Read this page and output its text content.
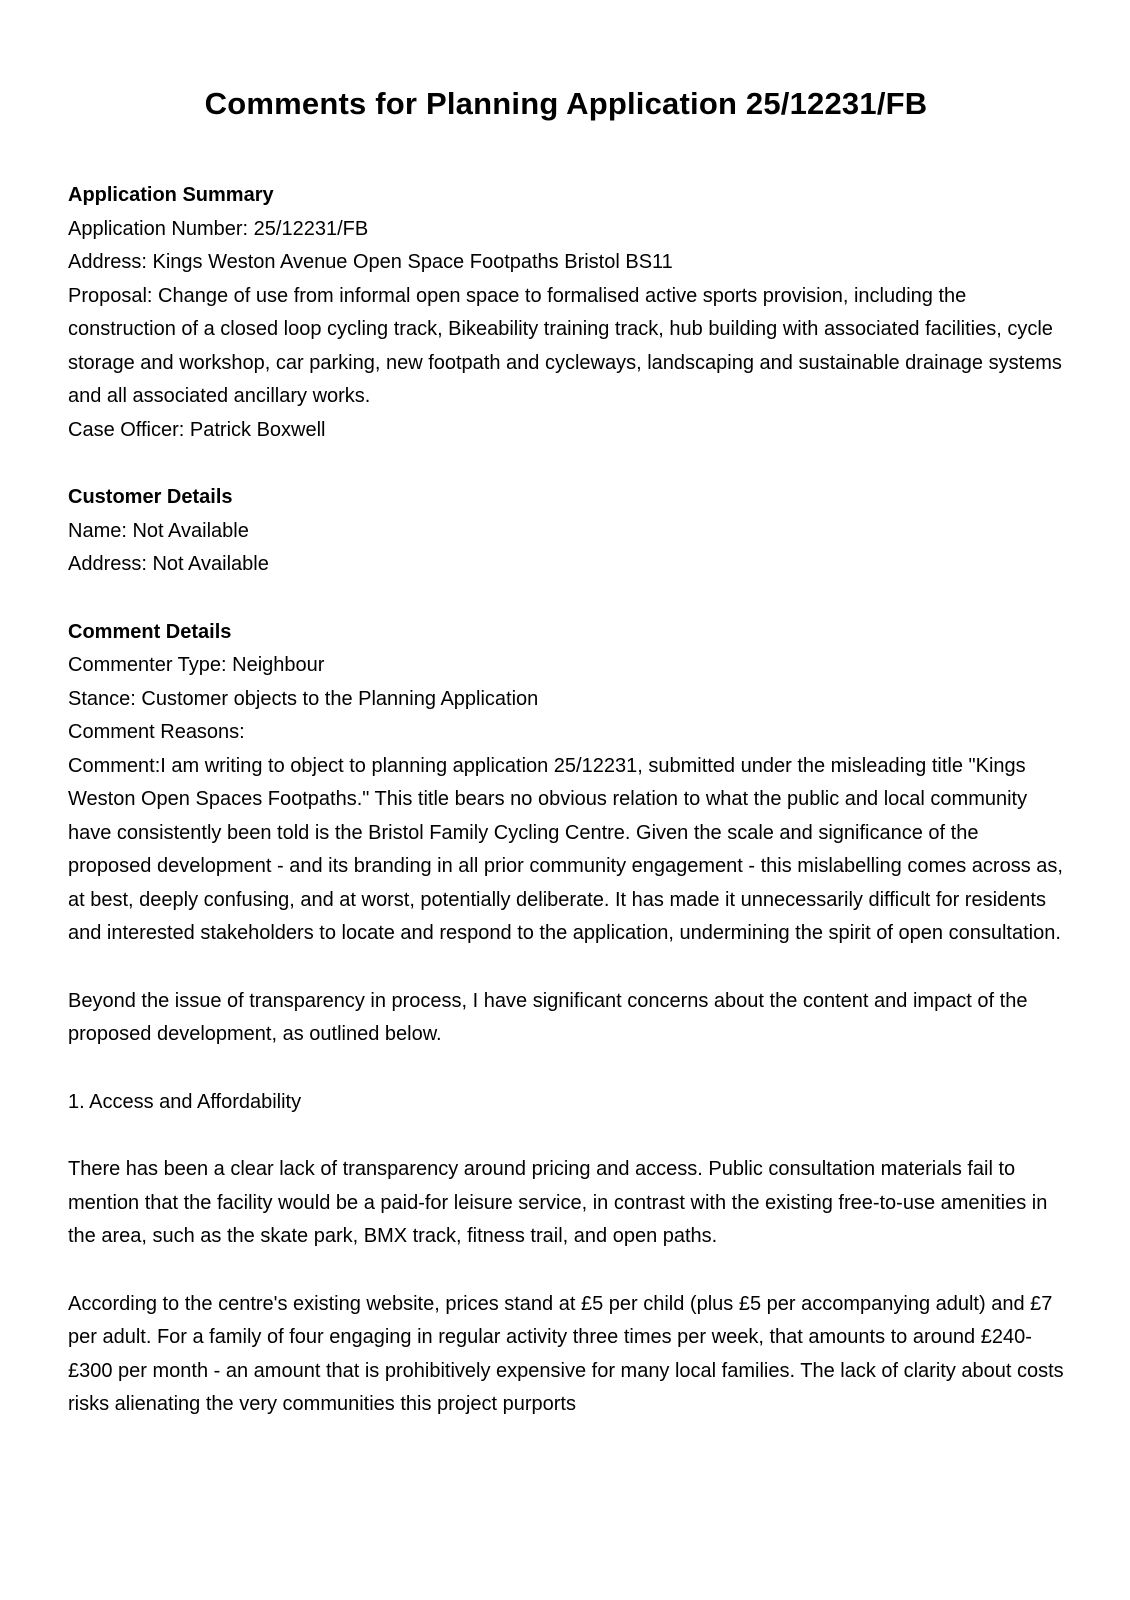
Comments for Planning Application 25/12231/FB
Application Summary

Application Number: 25/12231/FB

Address: Kings Weston Avenue Open Space Footpaths Bristol BS11

Proposal: Change of use from informal open space to formalised active sports provision, including the construction of a closed loop cycling track, Bikeability training track, hub building with associated facilities, cycle storage and workshop, car parking, new footpath and cycleways, landscaping and sustainable drainage systems and all associated ancillary works.

Case Officer: Patrick Boxwell

Customer Details

Name: Not Available

Address: Not Available

Comment Details

Commenter Type: Neighbour

Stance: Customer objects to the Planning Application

Comment Reasons:

Comment:I am writing to object to planning application 25/12231, submitted under the misleading title "Kings Weston Open Spaces Footpaths." This title bears no obvious relation to what the public and local community have consistently been told is the Bristol Family Cycling Centre. Given the scale and significance of the proposed development - and its branding in all prior community engagement - this mislabelling comes across as, at best, deeply confusing, and at worst, potentially deliberate. It has made it unnecessarily difficult for residents and interested stakeholders to locate and respond to the application, undermining the spirit of open consultation.

Beyond the issue of transparency in process, I have significant concerns about the content and impact of the proposed development, as outlined below.

1. Access and Affordability

There has been a clear lack of transparency around pricing and access. Public consultation materials fail to mention that the facility would be a paid-for leisure service, in contrast with the existing free-to-use amenities in the area, such as the skate park, BMX track, fitness trail, and open paths.

According to the centre's existing website, prices stand at £5 per child (plus £5 per accompanying adult) and £7 per adult. For a family of four engaging in regular activity three times per week, that amounts to around £240-£300 per month - an amount that is prohibitively expensive for many local families. The lack of clarity about costs risks alienating the very communities this project purports
